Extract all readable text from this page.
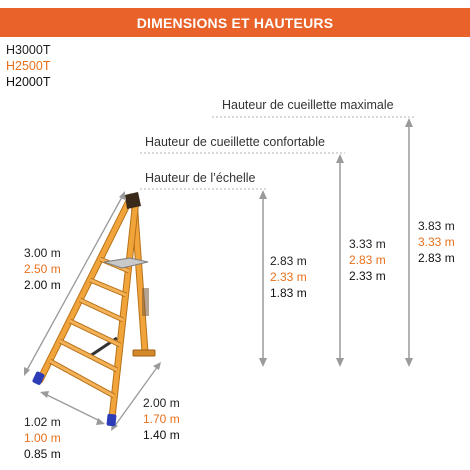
DIMENSIONS ET HAUTEURS
H3000T
H2500T
H2000T
Hauteur de cueillette maximale
Hauteur de cueillette confortable
Hauteur de l’échelle
3.00 m
2.50 m
2.00 m
1.02 m
1.00 m
0.85 m
2.00 m
1.70 m
1.40 m
2.83 m
2.33 m
1.83 m
3.33 m
2.83 m
2.33 m
3.83 m
3.33 m
2.83 m
